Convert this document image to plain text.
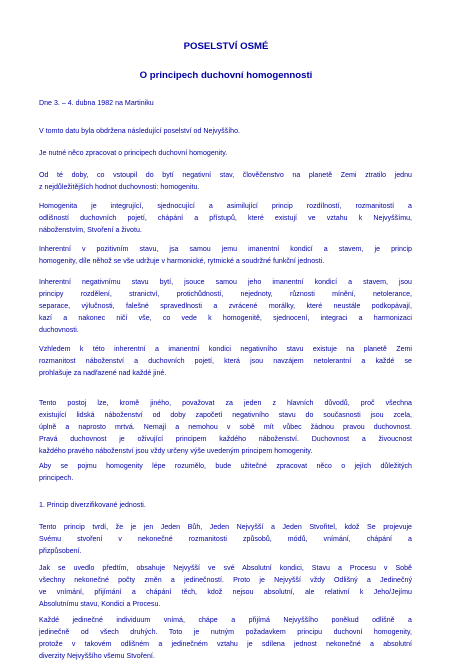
POSELSTVÍ OSMÉ
O principech duchovní homogennosti

Dne 3. – 4. dubna 1982 na Martiniku

V tomto datu byla obdržena následující poselství od Nejvyššího.

Je nutné něco zpracovat o principech duchovní homogenity.

Od té doby, co vstoupil do bytí negativní stav, člověčenstvo na planetě Zemi ztratilo jednu
z nejdůležitějších hodnot duchovnosti: homogenitu.

Homogenita je integrující, sjednocující a asimilující princip rozdílností, rozmanitostí a
odlišností duchovních pojetí, chápání a přístupů, které existují ve vztahu k Nejvyššímu,
náboženstvím, Stvoření a životu.

Inherentní v pozitivním stavu, jsa samou jemu imanentní kondicí a stavem, je princip
homogenity, díle něhož se vše udržuje v harmonické, rytmické a soudržné funkční jednosti.

Inherentní negativnímu stavu bytí, jsouce samou jeho imanentní kondicí a stavem, jsou
principy rozdělení, stranictví, protichůdností, nejednoty, různosti mínění, netolerance,
separace, výlučnosti, falešné spravedlnosti a zvrácené morálky, které neustále podkopávají,
kazí a nakonec ničí vše, co vede k homogenitě, sjednocení, integraci a harmonizaci
duchovnosti.

Vzhledem k této inherentní a imanentní kondici negativního stavu existuje na planetě Zemi
rozmanitost náboženství a duchovních pojetí, která jsou navzájem netolerantní a každé se
prohlašuje za nadřazené nad každé jiné.

Tento postoj lze, kromě jiného, považovat za jeden z hlavních důvodů, proč všechna
existující lidská náboženství od doby započetí negativního stavu do současnosti jsou zcela,
úplně a naprosto mrtvá. Nemají a nemohou v sobě mít vůbec žádnou pravou duchovnost.
Pravá duchovnost je oživující principem každého náboženství. Duchovnost a živoucnost
každého pravého náboženství jsou vždy určeny výše uvedeným principem homogenity.

Aby se pojmu homogenity lépe rozumělo, bude užitečné zpracovat něco o jejích důležitých
principech.

1. Princip diverzifikované jednosti.

Tento princip tvrdí, že je jen Jeden Bůh, Jeden Nejvyšší a Jeden Stvořitel, kdož Se projevuje
Svému stvoření v nekonečné rozmanitosti způsobů, módů, vnímání, chápání a
přizpůsobení.

Jak se uvedlo předtím, obsahuje Nejvyšší ve své Absolutní kondici, Stavu a Procesu v Sobě
všechny nekonečné počty změn a jedinečností. Proto je Nejvyšší vždy Odlišný a Jedinečný
ve vnímání, přijímání a chápání těch, kdož nejsou absolutní, ale relativní k Jeho/Jejímu
Absolutnímu stavu, Kondici a Procesu.

Každé jedinečné individuum vnímá, chápe a přijímá Nejvyššího poněkud odlišně a
jedinečně od všech druhých. Toto je nutným požadavkem principu duchovní homogenity,
protože v takovém odlišném a jedinečném vztahu je sdílena jednost nekonečné a absolutní
diverzity Nejvyššího všemu Stvoření.
